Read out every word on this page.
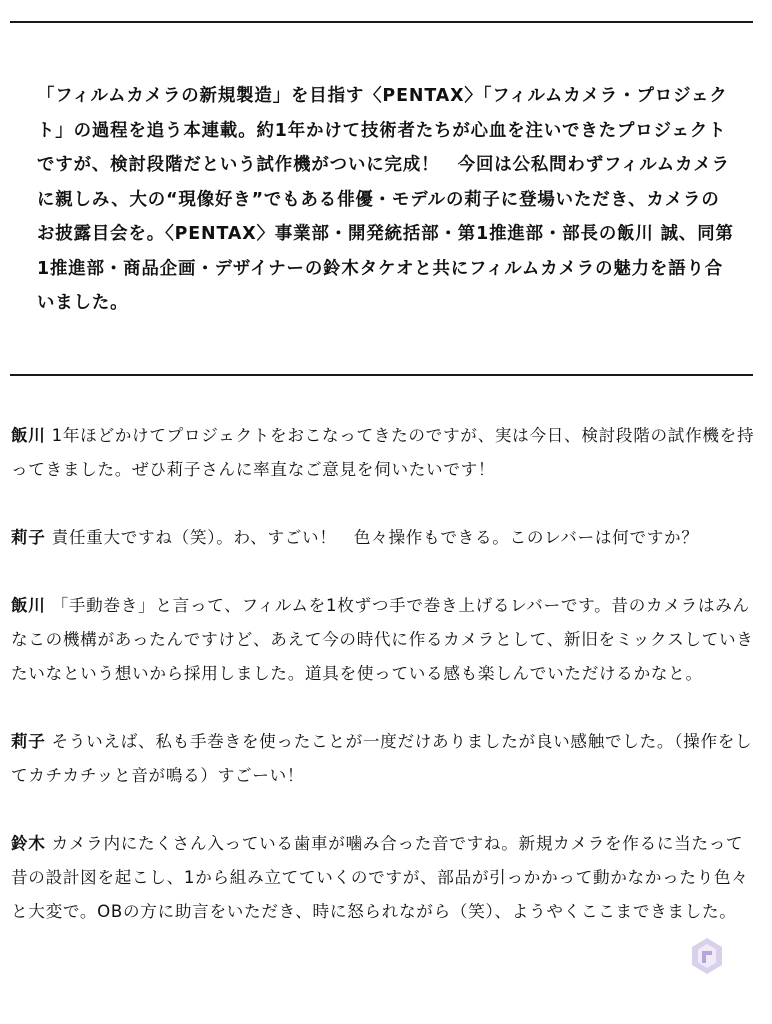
「フィルムカメラの新規製造」を目指す〈PENTAX〉「フィルムカメラ・プロジェクト」の過程を追う本連載。約1年かけて技術者たちが心血を注いできたプロジェクトですが、検討段階だという試作機がついに完成！　今回は公私問わずフィルムカメラに親しみ、大の“現像好き”でもある俳優・モデルの莉子に登場いただき、カメラのお披露目会を。〈PENTAX〉事業部・開発統括部・第1推進部・部長の飯川 誠、同第1推進部・商品企画・デザイナーの鈴木タケオと共にフィルムカメラの魅力を語り合いました。

飯川 1年ほどかけてプロジェクトをおこなってきたのですが、実は今日、検討段階の試作機を持ってきました。ぜひ莉子さんに率直なご意見を伺いたいです！

莉子 責任重大ですね（笑）。わ、すごい！　色々操作もできる。このレバーは何ですか？

飯川 「手動巻き」と言って、フィルムを1枚ずつ手で巻き上げるレバーです。昔のカメラはみんなこの機構があったんですけど、あえて今の時代に作るカメラとして、新旧をミックスしていきたいなという想いから採用しました。道具を使っている感も楽しんでいただけるかなと。

莉子 そういえば、私も手巻きを使ったことが一度だけありましたが良い感触でした。（操作をしてカチカチッと音が鳴る）すごーい！

鈴木 カメラ内にたくさん入っている歯車が噛み合った音ですね。新規カメラを作るに当たって昔の設計図を起こし、1から組み立てていくのですが、部品が引っかかって動かなかったり色々と大変で。OBの方に助言をいただき、時に怒られながら（笑）、ようやくここまできました。
